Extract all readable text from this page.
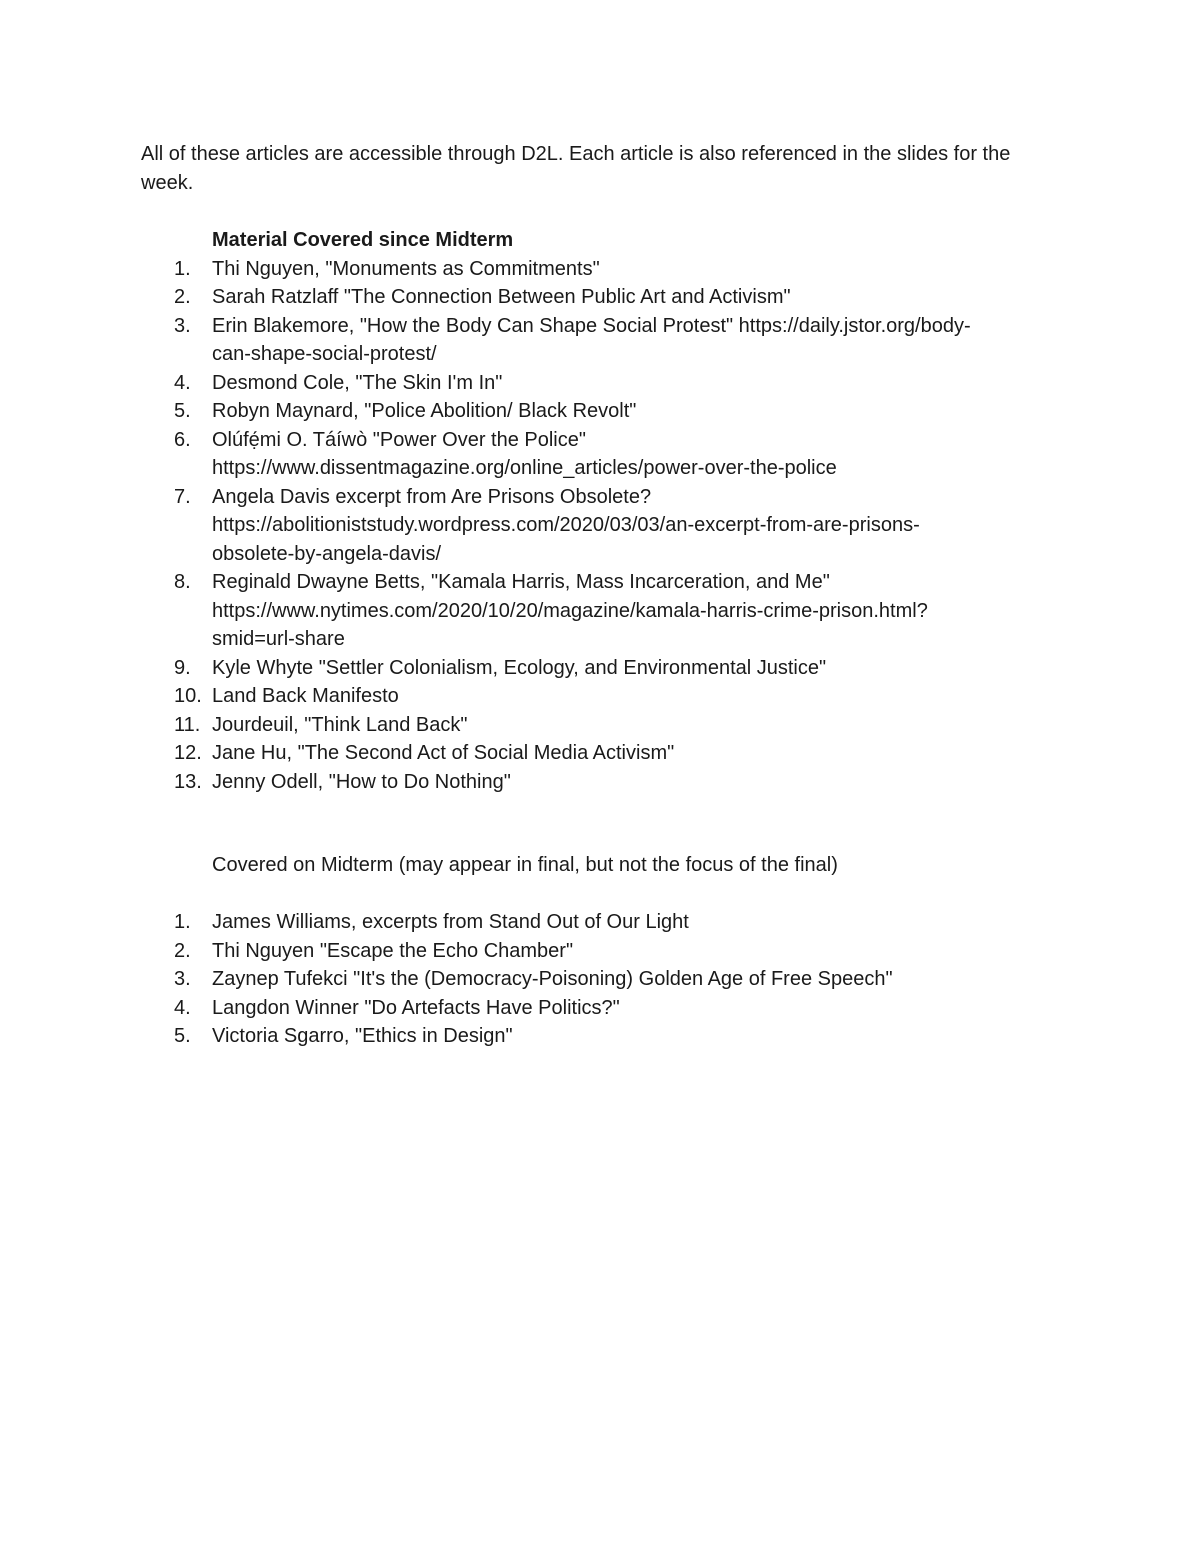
All of these articles are accessible through D2L. Each article is also referenced in the slides for the week.
Material Covered since Midterm
1.	Thi Nguyen, "Monuments as Commitments"
2.	Sarah Ratzlaff "The Connection Between Public Art and Activism"
3.	Erin Blakemore, "How the Body Can Shape Social Protest" https://daily.jstor.org/body-
can-shape-social-protest/
4.	Desmond Cole, "The Skin I'm In"
5.	Robyn Maynard, "Police Abolition/ Black Revolt"
6.	Olúfẹ́mi O. Táíwò "Power Over the Police"
https://www.dissentmagazine.org/online_articles/power-over-the-police
7.	Angela Davis excerpt from Are Prisons Obsolete?
https://abolitioniststudy.wordpress.com/2020/03/03/an-excerpt-from-are-prisons-
obsolete-by-angela-davis/
8.	Reginald Dwayne Betts, "Kamala Harris, Mass Incarceration, and Me"
https://www.nytimes.com/2020/10/20/magazine/kamala-harris-crime-prison.html?
smid=url-share
9.	Kyle Whyte "Settler Colonialism, Ecology, and Environmental Justice"
10. Land Back Manifesto
11. Jourdeuil, "Think Land Back"
12. Jane Hu, "The Second Act of Social Media Activism"
13. Jenny Odell, "How to Do Nothing"
Covered on Midterm (may appear in final, but not the focus of the final)
1.	James Williams, excerpts from Stand Out of Our Light
2.	Thi Nguyen "Escape the Echo Chamber"
3.	Zaynep Tufekci "It's the (Democracy-Poisoning) Golden Age of Free Speech"
4.	Langdon Winner "Do Artefacts Have Politics?"
5.	Victoria Sgarro, "Ethics in Design"
